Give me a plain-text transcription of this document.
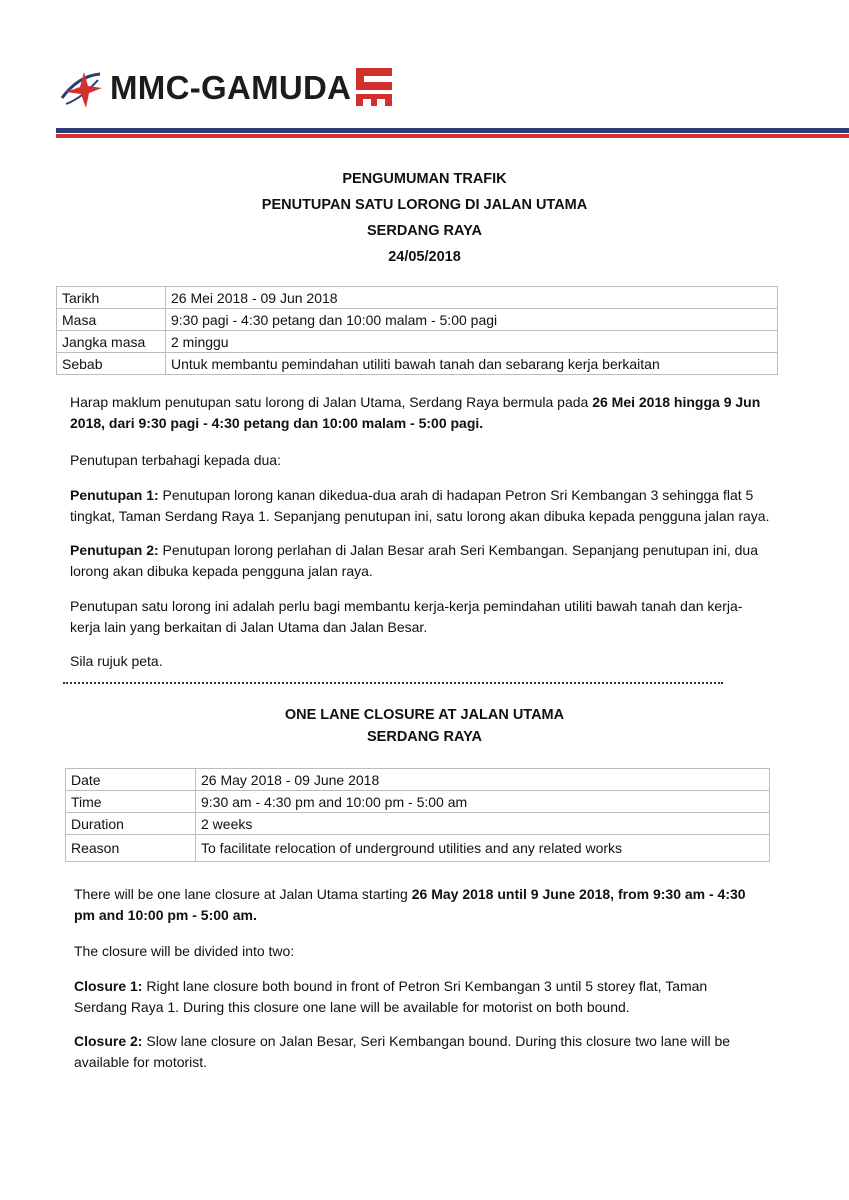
MMC-GAMUDA
PENGUMUMAN TRAFIK
PENUTUPAN SATU LORONG DI JALAN UTAMA
SERDANG RAYA
24/05/2018
Tarikh	26 Mei 2018 - 09 Jun 2018
Masa	9:30 pagi - 4:30 petang dan 10:00 malam - 5:00 pagi
Jangka masa	2 minggu
Sebab	Untuk membantu pemindahan utiliti bawah tanah dan sebarang kerja berkaitan

Harap maklum penutupan satu lorong di Jalan Utama, Serdang Raya bermula pada 26 Mei 2018 hingga 9 Jun
2018, dari 9:30 pagi - 4:30 petang dan 10:00 malam - 5:00 pagi.

Penutupan terbahagi kepada dua:

Penutupan 1: Penutupan lorong kanan dikedua-dua arah di hadapan Petron Sri Kembangan 3 sehingga flat 5
tingkat, Taman Serdang Raya 1. Sepanjang penutupan ini, satu lorong akan dibuka kepada pengguna jalan raya.

Penutupan 2: Penutupan lorong perlahan di Jalan Besar arah Seri Kembangan. Sepanjang penutupan ini, dua
lorong akan dibuka kepada pengguna jalan raya.

Penutupan satu lorong ini adalah perlu bagi membantu kerja-kerja pemindahan utiliti bawah tanah dan kerja-
kerja lain yang berkaitan di Jalan Utama dan Jalan Besar.

Sila rujuk peta.

ONE LANE CLOSURE AT JALAN UTAMA
SERDANG RAYA
Date	26 May 2018 - 09 June 2018
Time	9:30 am - 4:30 pm and 10:00 pm - 5:00 am
Duration	2 weeks
Reason	To facilitate relocation of underground utilities and any related works

There will be one lane closure at Jalan Utama starting 26 May 2018 until 9 June 2018, from 9:30 am - 4:30
pm and 10:00 pm - 5:00 am.

The closure will be divided into two:

Closure 1: Right lane closure both bound in front of Petron Sri Kembangan 3 until 5 storey flat, Taman
Serdang Raya 1. During this closure one lane will be available for motorist on both bound.

Closure 2: Slow lane closure on Jalan Besar, Seri Kembangan bound. During this closure two lane will be
available for motorist.
